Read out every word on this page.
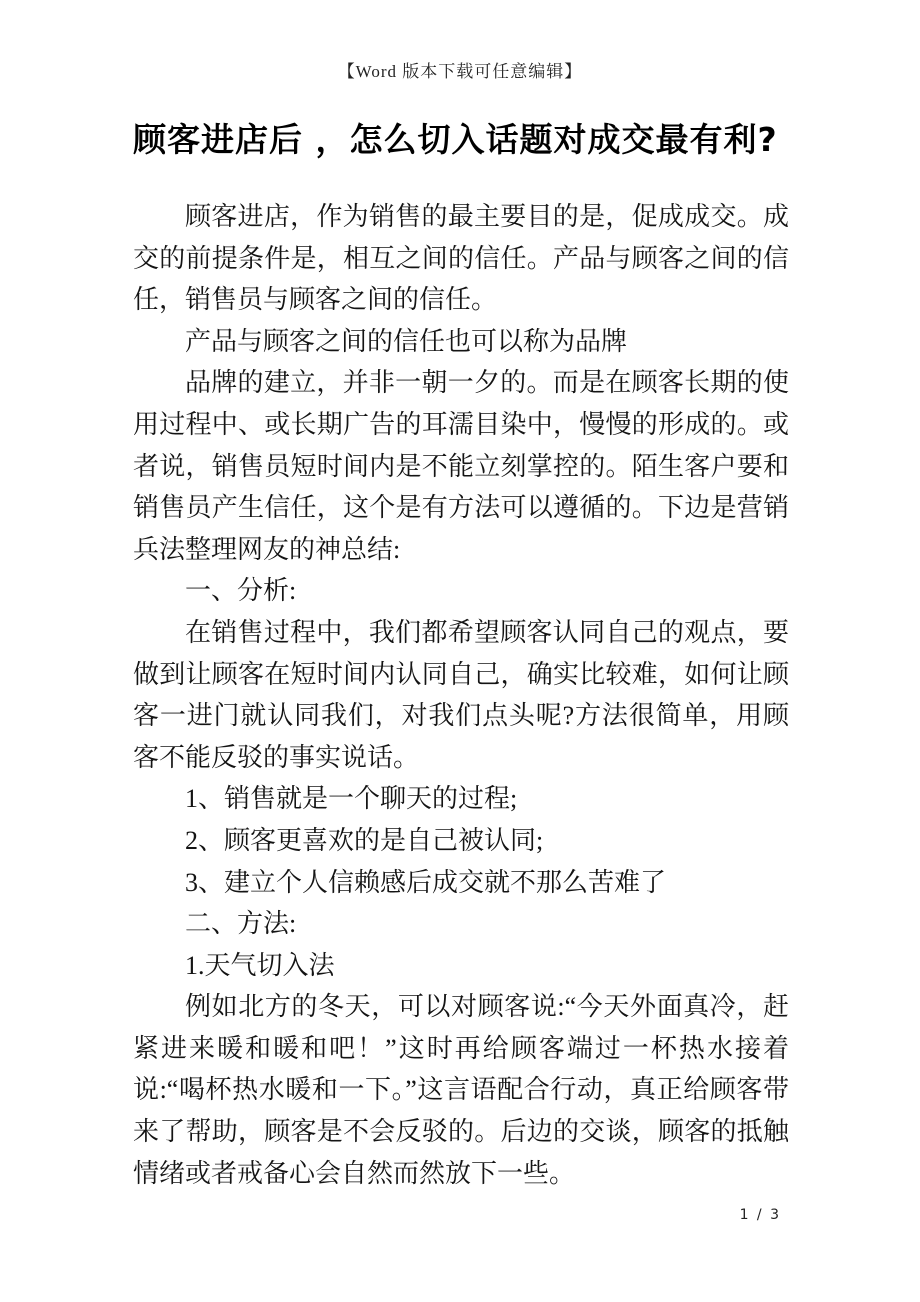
【Word 版本下载可任意编辑】
顾客进店后 ，怎么切入话题对成交最有利?

顾客进店，作为销售的最主要目的是，促成成交。成交的前提条件是，相互之间的信任。产品与顾客之间的信任，销售员与顾客之间的信任。

产品与顾客之间的信任也可以称为品牌

品牌的建立，并非一朝一夕的。而是在顾客长期的使用过程中、或长期广告的耳濡目染中，慢慢的形成的。或者说，销售员短时间内是不能立刻掌控的。陌生客户要和销售员产生信任，这个是有方法可以遵循的。下边是营销兵法整理网友的神总结:

一、分析:

在销售过程中，我们都希望顾客认同自己的观点，要做到让顾客在短时间内认同自己，确实比较难，如何让顾客一进门就认同我们，对我们点头呢?方法很简单，用顾客不能反驳的事实说话。

1、销售就是一个聊天的过程;

2、顾客更喜欢的是自己被认同;

3、建立个人信赖感后成交就不那么苦难了

二、方法:

1.天气切入法

例如北方的冬天，可以对顾客说:“今天外面真冷，赶紧进来暖和暖和吧！”这时再给顾客端过一杯热水接着说:“喝杯热水暖和一下。”这言语配合行动，真正给顾客带来了帮助，顾客是不会反驳的。后边的交谈，顾客的抵触情绪或者戒备心会自然而然放下一些。

1 / 3
